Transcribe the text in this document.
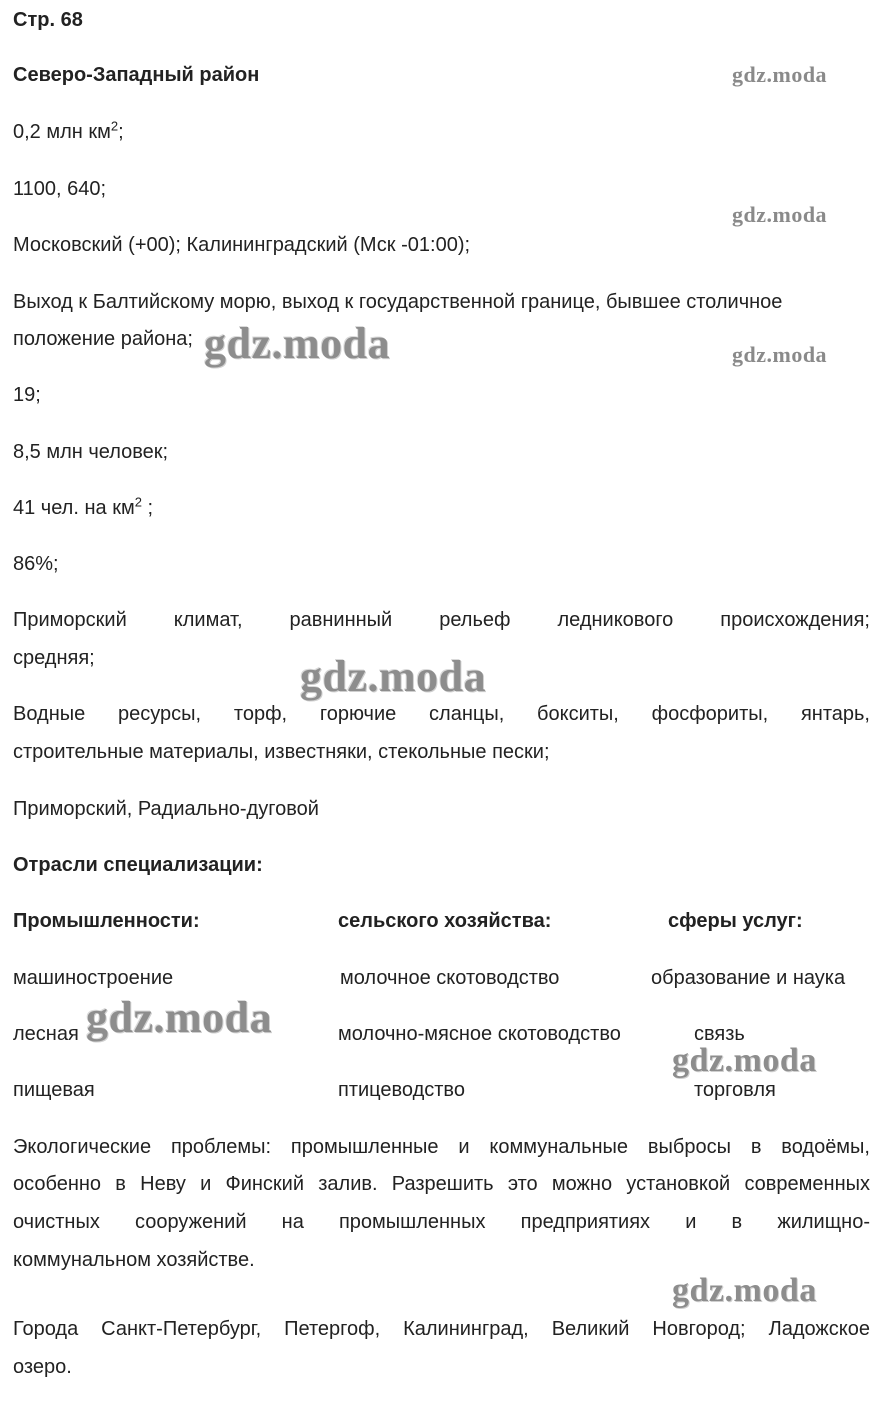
Стр. 68
Северо-Западный район
0,2 млн $км^2$;
1100, 640;
Московский (+00); Калининградский (Мск -01:00);
Выход к Балтийскому морю, выход к государственной границе, бывшее столичное
положение района;
19;
8,5 млн человек;
41 чел. на $км^2$ ;
86%;
Приморский климат, равнинный рельеф ледникового происхождения;
средняя;
Водные ресурсы, торф, горючие сланцы, бокситы, фосфориты, янтарь,
строительные материалы, известняки, стекольные пески;
Приморский, Радиально-дуговой
Отрасли специализации:
Промышленности:	сельского хозяйства:	сферы услуг:
машиностроение	молочное скотоводство	образование и наука
лесная	молочно-мясное скотоводство	связь
пищевая	птицеводство	торговля
Экологические проблемы: промышленные и коммунальные выбросы в водоёмы,
особенно в Неву и Финский залив. Разрешить это можно установкой современных
очистных сооружений на промышленных предприятиях и в жилищно-
коммунальном хозяйстве.
Города Санкт-Петербург, Петергоф, Калининград, Великий Новгород; Ладожское
озеро.
gdz.moda
gdz.moda
gdz.moda
gdz.moda
gdz.moda
gdz.moda
gdz.moda
gdz.moda
